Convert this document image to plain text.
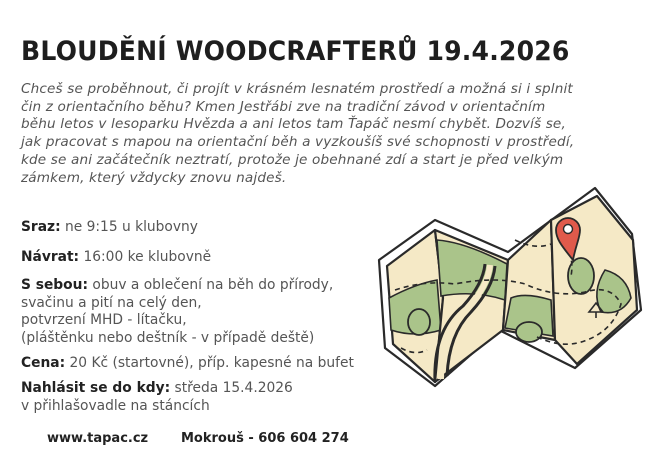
BLOUDĚNÍ WOODCRAFTERŮ 19.4.2026
Chceš se proběhnout, či projít v krásném lesnatém prostředí a možná si i splnit čin z orientačního běhu? Kmen Jestřábi zve na tradiční závod v orientačním běhu letos v lesoparku Hvězda a ani letos tam Ťapáč nesmí chybět. Dozvíš se, jak pracovat s mapou na orientační běh a vyzkoušíš své schopnosti v prostředí, kde se ani začátečník neztratí, protože je obehnané zdí a start je před velkým zámkem, který vždycky znovu najdeš.
Sraz: ne 9:15 u klubovny
Návrat: 16:00 ke klubovně
S sebou: obuv a oblečení na běh do přírody,
svačinu a pití na celý den,
potvrzení MHD - lítačku,
(pláštěnku nebo deštník - v případě deště)
Cena: 20 Kč (startovné), příp. kapesné na bufet
Nahlásit se do kdy: středa 15.4.2026
v přihlašovadle na stáncích
www.tapac.cz	Mokrouš - 606 604 274
